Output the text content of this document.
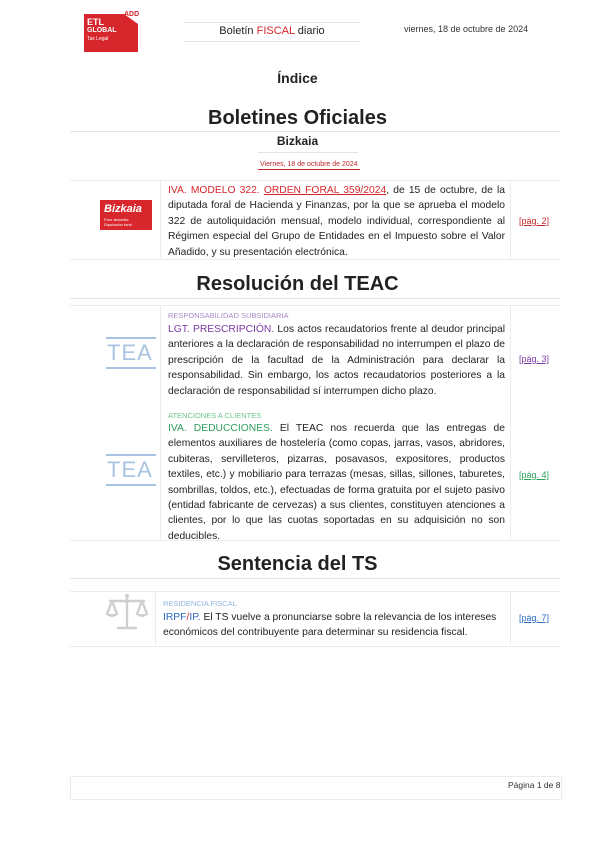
ADD
ETL
GLOBAL
Tax Legal
Boletín FISCAL diario	viernes, 18 de octubre de 2024
Índice
Boletines Oficiales
Bizkaia
Viernes, 18 de octubre de 2024
Bizkaia
Foru aldundia
Diputación foral
IVA. MODELO 322. ORDEN FORAL 359/2024, de 15 de octubre, de la diputada foral de Hacienda y Finanzas, por la que se aprueba el modelo 322 de autoliquidación mensual, modelo individual, correspondiente al Régimen especial del Grupo de Entidades en el Impuesto sobre el Valor Añadido, y su presentación electrónica.
[pág. 2]
Resolución del TEAC
TEA
RESPONSABILIDAD SUBSIDIARIA
LGT. PRESCRIPCIÓN. Los actos recaudatorios frente al deudor principal anteriores a la declaración de responsabilidad no interrumpen el plazo de prescripción de la facultad de la Administración para declarar la responsabilidad. Sin embargo, los actos recaudatorios posteriores a la declaración de responsabilidad sí interrumpen dicho plazo.
[pág. 3]
TEA
ATENCIONES A CLIENTES
IVA. DEDUCCIONES. El TEAC nos recuerda que las entregas de elementos auxiliares de hostelería (como copas, jarras, vasos, abridores, cubiteras, servilleteros, pizarras, posavasos, expositores, productos textiles, etc.) y mobiliario para terrazas (mesas, sillas, sillones, taburetes, sombrillas, toldos, etc.), efectuadas de forma gratuita por el sujeto pasivo (entidad fabricante de cervezas) a sus clientes, constituyen atenciones a clientes, por lo que las cuotas soportadas en su adquisición no son deducibles.
[pág. 4]
Sentencia del TS
RESIDENCIA FISCAL
IRPF/IP. El TS vuelve a pronunciarse sobre la relevancia de los intereses económicos del contribuyente para determinar su residencia fiscal.
[pág. 7]
Página 1 de 8
